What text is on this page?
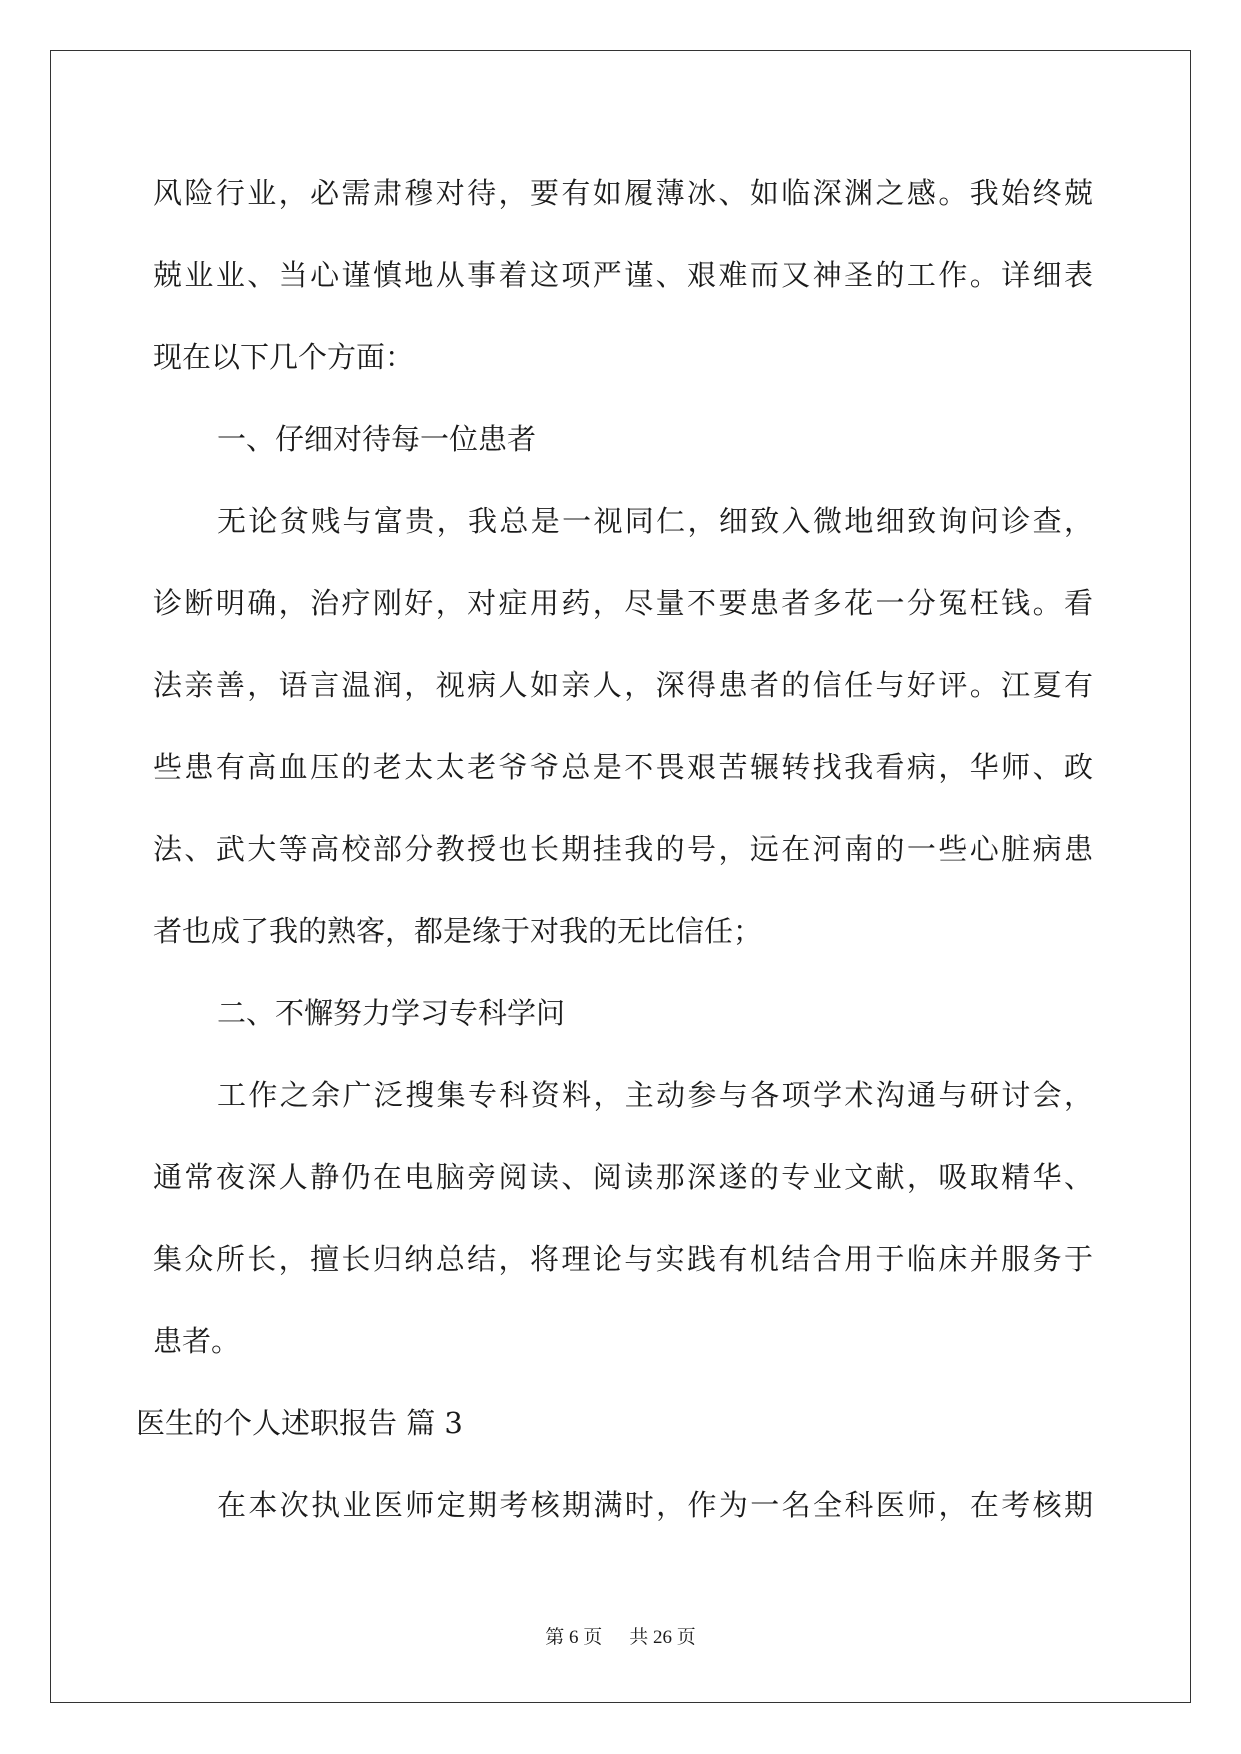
风险行业，必需肃穆对待，要有如履薄冰、如临深渊之感。我始终兢
兢业业、当心谨慎地从事着这项严谨、艰难而又神圣的工作。详细表
现在以下几个方面：
一、仔细对待每一位患者
无论贫贱与富贵，我总是一视同仁，细致入微地细致询问诊查，
诊断明确，治疗刚好，对症用药，尽量不要患者多花一分冤枉钱。看
法亲善，语言温润，视病人如亲人，深得患者的信任与好评。江夏有
些患有高血压的老太太老爷爷总是不畏艰苦辗转找我看病，华师、政
法、武大等高校部分教授也长期挂我的号，远在河南的一些心脏病患
者也成了我的熟客，都是缘于对我的无比信任；
二、不懈努力学习专科学问
工作之余广泛搜集专科资料，主动参与各项学术沟通与研讨会，
通常夜深人静仍在电脑旁阅读、阅读那深遂的专业文献，吸取精华、
集众所长，擅长归纳总结，将理论与实践有机结合用于临床并服务于
患者。
医生的个人述职报告 篇 3
在本次执业医师定期考核期满时，作为一名全科医师，在考核期
第 6 页 共 26 页
